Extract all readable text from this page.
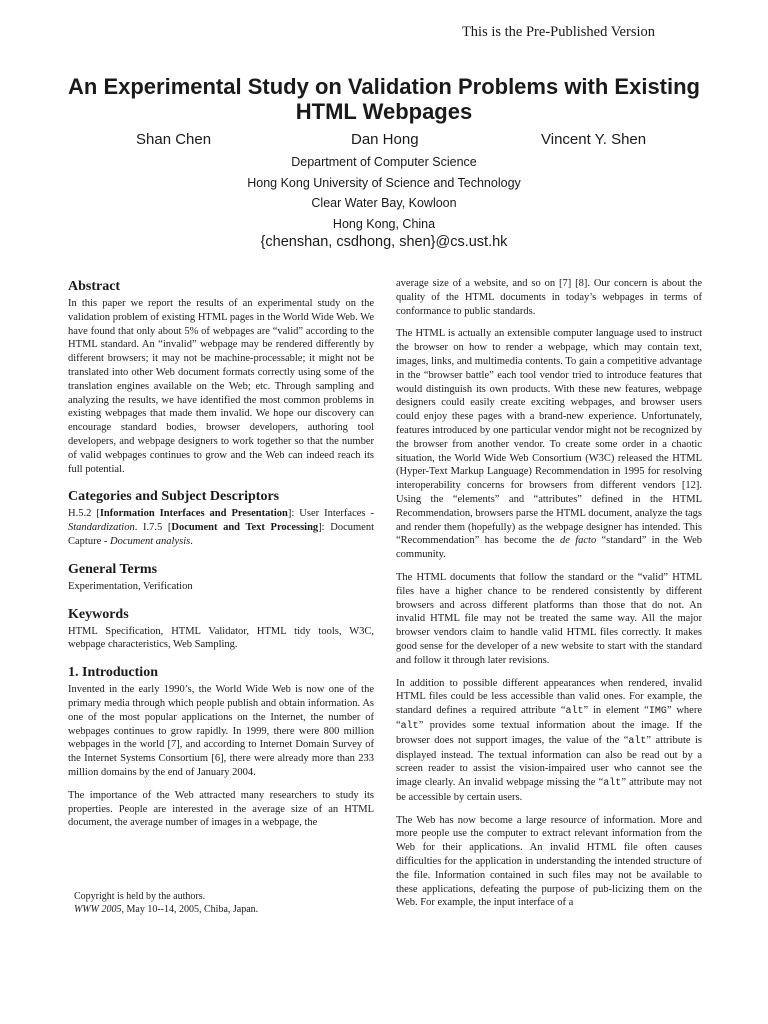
This is the Pre-Published Version
An Experimental Study on Validation Problems with Existing HTML Webpages
Shan Chen	Dan Hong	Vincent Y. Shen
Department of Computer Science
Hong Kong University of Science and Technology
Clear Water Bay, Kowloon
Hong Kong, China
{chenshan, csdhong, shen}@cs.ust.hk
Abstract

In this paper we report the results of an experimental study on the validation problem of existing HTML pages in the World Wide Web. We have found that only about 5% of webpages are “valid” according to the HTML standard. An “invalid” webpage may be rendered differently by different browsers; it may not be machine-processable; it might not be translated into other Web document formats correctly using some of the translation engines available on the Web; etc. Through sampling and analyzing the results, we have identified the most common problems in existing webpages that made them invalid. We hope our discovery can encourage standard bodies, browser developers, authoring tool developers, and webpage designers to work together so that the number of valid webpages continues to grow and the Web can indeed reach its full potential.

Categories and Subject Descriptors

H.5.2 [Information Interfaces and Presentation]: User Interfaces - Standardization. I.7.5 [Document and Text Processing]: Document Capture - Document analysis.

General Terms

Experimentation, Verification

Keywords

HTML Specification, HTML Validator, HTML tidy tools, W3C, webpage characteristics, Web Sampling.

1. Introduction

Invented in the early 1990’s, the World Wide Web is now one of the primary media through which people publish and obtain information. As one of the most popular applications on the Internet, the number of webpages continues to grow rapidly. In 1999, there were 800 million webpages in the world [7], and according to Internet Domain Survey of the Internet Systems Consortium [6], there were already more than 233 million domains by the end of January 2004.

The importance of the Web attracted many researchers to study its properties. People are interested in the average size of an HTML document, the average number of images in a webpage, the

Copyright is held by the authors.
WWW 2005, May 10--14, 2005, Chiba, Japan.

average size of a website, and so on [7] [8]. Our concern is about the quality of the HTML documents in today’s webpages in terms of conformance to public standards.

The HTML is actually an extensible computer language used to instruct the browser on how to render a webpage, which may contain text, images, links, and multimedia contents. To gain a competitive advantage in the “browser battle” each tool vendor tried to introduce features that would distinguish its own products. With these new features, webpage designers could easily create exciting webpages, and browser users could enjoy these pages with a brand-new experience. Unfortunately, features introduced by one particular vendor might not be recognized by the browser from another vendor. To create some order in a chaotic situation, the World Wide Web Consortium (W3C) released the HTML (Hyper-Text Markup Language) Recommendation in 1995 for resolving interoperability concerns for browsers from different vendors [12]. Using the “elements” and “attributes” defined in the HTML Recommendation, browsers parse the HTML document, analyze the tags and render them (hopefully) as the webpage designer has intended. This “Recommendation” has become the de facto “standard” in the Web community.

The HTML documents that follow the standard or the “valid” HTML files have a higher chance to be rendered consistently by different browsers and across different platforms than those that do not. An invalid HTML file may not be treated the same way. All the major browser vendors claim to handle valid HTML files correctly. It makes good sense for the developer of a new website to start with the standard and follow it through later revisions.

In addition to possible different appearances when rendered, invalid HTML files could be less accessible than valid ones. For example, the standard defines a required attribute “alt” in element “IMG” where “alt” provides some textual information about the image. If the browser does not support images, the value of the “alt” attribute is displayed instead. The textual information can also be read out by a screen reader to assist the vision-impaired user who cannot see the image clearly. An invalid webpage missing the “alt” attribute may not be accessible by certain users.

The Web has now become a large resource of information. More and more people use the computer to extract relevant information from the Web for their applications. An invalid HTML file often causes difficulties for the application in understanding the intended structure of the file. Information contained in such files may not be available to these applications, defeating the purpose of pub-licizing them on the Web. For example, the input interface of a
